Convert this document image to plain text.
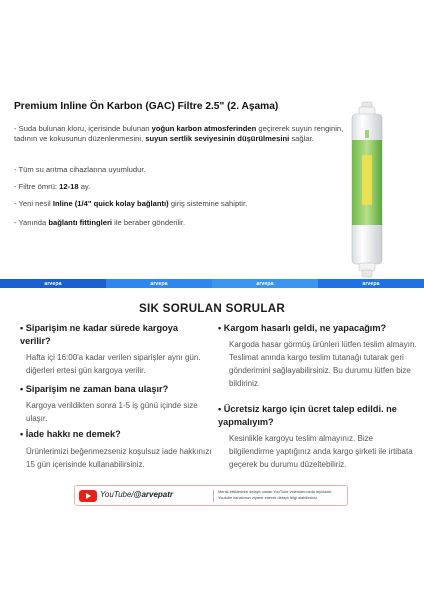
Premium Inline Ön Karbon (GAC) Filtre 2.5" (2. Aşama)
- Suda bulunan kloru, içerisinde bulunan yoğun karbon atmosferinden geçirerek suyun renginin, tadının ve kokusunun düzenlenmesini, suyun sertlik seviyesinin düşürülmesini sağlar.
- Tüm su arıtma cihazlarına uyumludur.
- Filtre ömrü: 12-18 ay.
- Yeni nesil Inline (1/4" quick kolay bağlantı) giriş sistemine sahiptir.
- Yanında bağlantı fittingleri ile beraber gönderilir.
arvepa	arvepa	arvepa	arvepa
SIK SORULAN SORULAR
• Siparişim ne kadar sürede kargoya verilir?
Hafta içi 16:00'a kadar verilen siparişler aynı gün. diğerleri ertesi gün kargoya verilir.
• Siparişim ne zaman bana ulaşır?
Kargoya verildikten sonra 1-5 iş günü içinde size ulaşır.
• İade hakkı ne demek?
Ürünlerimizi beğenmezseniz koşulsuz iade hakkınızı 15 gün içerisinde kullanabilirsiniz.
• Kargom hasarlı geldi, ne yapacağım?
Kargoda hasar görmüş ürünleri lütfen teslim almayın. Teslimat anında kargo teslim tutanağı tutarak geri gönderimini sağlayabilirsiniz. Bu durumu lütfen bize bildiriniz.
• Ücretsiz kargo için ücret talep edildi. ne yapmalıyım?
Kesinlikle kargoyu teslim almayınız. Bize bilgilendirme yaptığınız anda kargo şirketi ile irtibata geçerek bu durumu düzeltebiliriz.
YouTube/@arvepatr	Merak ettiklerinizi detaylı olarak YouTube videolarımızda açıkladık. Youtube kanalımızı ziyaret ederek detaylı bilgi alabilirsiniz.
